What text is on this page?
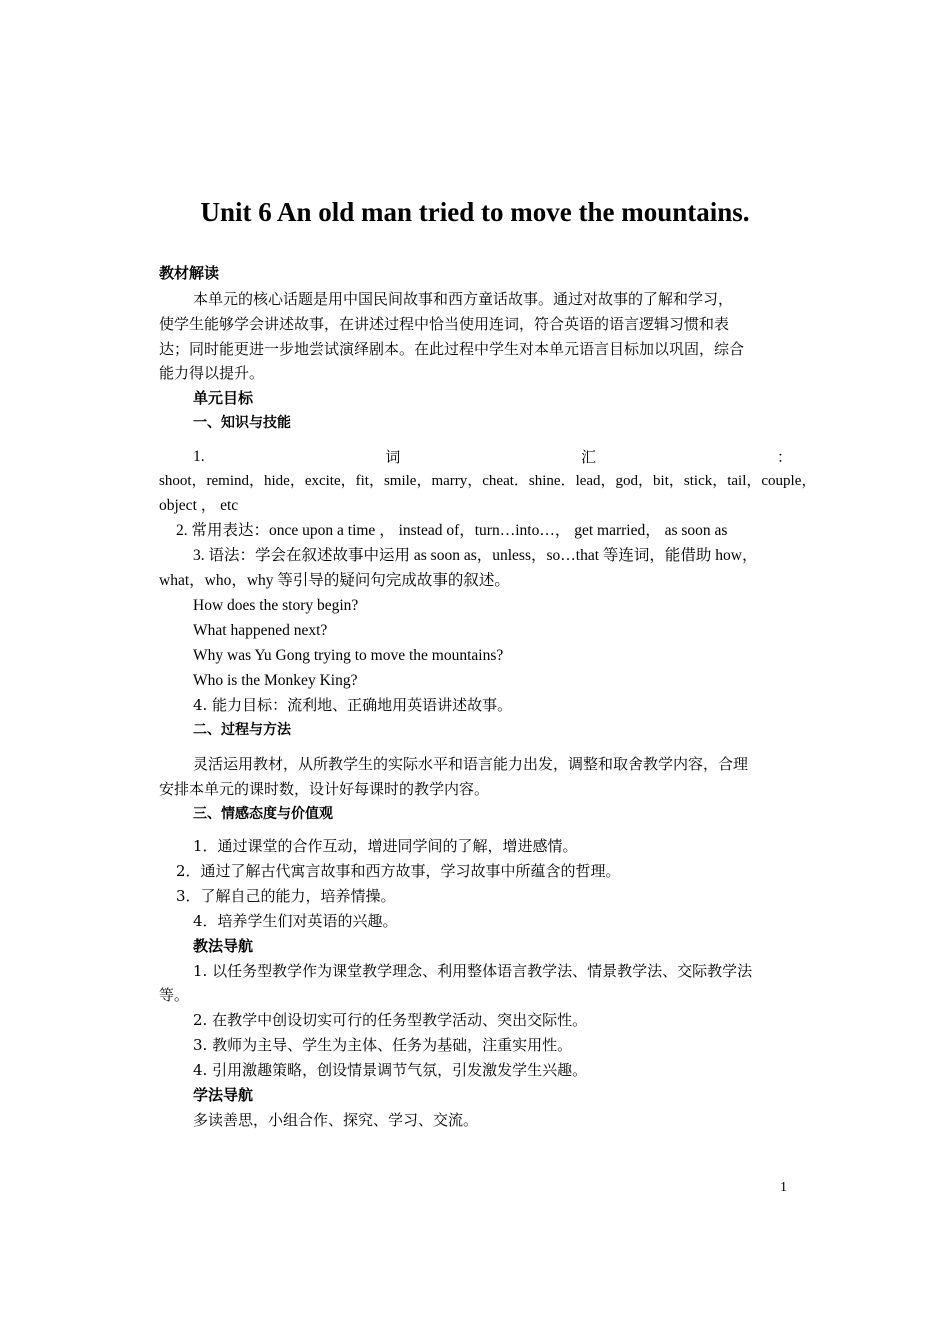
Unit 6 An old man tried to move the mountains.
教材解读
本单元的核心话题是用中国民间故事和西方童话故事。通过对故事的了解和学习，
使学生能够学会讲述故事，在讲述过程中恰当使用连词，符合英语的语言逻辑习惯和表
达；同时能更进一步地尝试演绎剧本。在此过程中学生对本单元语言目标加以巩固，综合
能力得以提升。
单元目标
一、知识与技能
1.	词	汇	：
shoot，remind，hide，excite，fit，smile，marry，cheat．shine．lead，god，bit，stick，tail，couple，
object ， etc
2. 常用表达：once upon a time ， instead of，turn…into…， get married， as soon as
3. 语法：学会在叙述故事中运用 as soon as，unless，so…that 等连词，能借助 how，
what，who，why 等引导的疑问句完成故事的叙述。
How does the story begin?
What happened next?
Why was Yu Gong trying to move the mountains?
Who is the Monkey King?
4. 能力目标：流利地、正确地用英语讲述故事。
二、过程与方法
灵活运用教材，从所教学生的实际水平和语言能力出发，调整和取舍教学内容，合理
安排本单元的课时数，设计好每课时的教学内容。
三、情感态度与价值观
1．通过课堂的合作互动，增进同学间的了解，增进感情。
2．通过了解古代寓言故事和西方故事，学习故事中所蕴含的哲理。
3．了解自己的能力，培养情操。
4．培养学生们对英语的兴趣。
教法导航
1. 以任务型教学作为课堂教学理念、利用整体语言教学法、情景教学法、交际教学法
等。
2. 在教学中创设切实可行的任务型教学活动、突出交际性。
3. 教师为主导、学生为主体、任务为基础，注重实用性。
4. 引用激趣策略，创设情景调节气氛，引发激发学生兴趣。
学法导航
多读善思，小组合作、探究、学习、交流。
1
